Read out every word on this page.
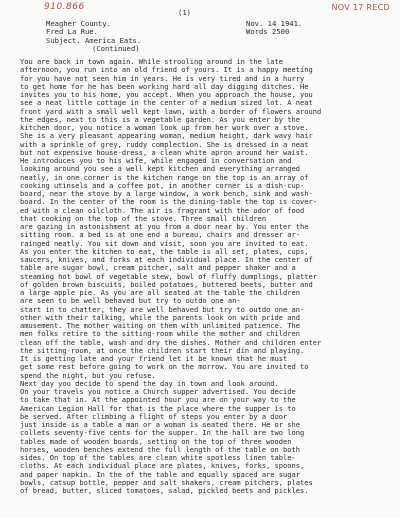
910.866	NOV 17 RECD
(1)
Meagher County.
Fred La Rue.
Subject. America Eats.
(Continued)
Nov. 14 1941.
Words 2500
You are back in town again. While strooling around in the late
afternoon, you run into an old friend of yours. It is a happy meeting
for you have not seen him in years. He is very tired and in a hurry
to get home for he has been working hard all day digging ditches. He
invites you to his home, you accept. When you approach the house, you
see a neat little cottage in the center of a medium sized lot. A neat
front yard with a small well kept lawn, with a border of flowers around
the edges, next to this is a vegetable garden. As you enter by the
kitchen door, you notice a woman look up from her work over a stove.
She is a very pleasant appearing woman, medium height, dark wavy hair
with a sprinkle of grey, ruddy complection. She is dressed in a neat
but not expensive house-dress, a clean white apron around her waist.
He introduces you to his wife, while engaged in conversation and
looking around you see a well kept kitchen and everything arranged
neatly, in one corner is the kitchen range on the top is an array of
cooking utinsels and a coffee pot, in another corner is a dish-cup-
board, near the stove by a large window, a work bench, sink and wash-
board. In the center of the room is the dining-table the top is cover-
ed with a clean oilcloth. The air is fragrant with the odor of food
that cooking on the top of the stove. Three small children
are gazing in astonishment at you from a door near by. You enter the
sitting room. a bed is at one end a bureau, chairs and dresser ar-
rainged neatly. You sit down and visit, soon you are invited to eat.
As you enter the kitchen to eat, the table is all set, plates, cups,
saucers, knives, and forks at each individual place. In the center of
table are sugar bowl, cream pitcher, salt and pepper shaker and a
steaming hot bowl of vegetable stew, bowl of fluffy dumplings, platter
of golden brown biscuits, boiled potatoes, buttered beets, butter and
a large apple pie. As you are all seated at the table the children
are seen to be well behaved but try to outdo one an-
start in to chatter, they are well behaved but try to outdo one an-
other with their talking, while the parents look on with pride and
amusement. The mother waiting on them with unlimited patience. The
men folks retire to the sitting-room while the mother and children
clean off the table, wash and dry the dishes. Mother and children enter
the sitting-room, at once the children start their din and playing.
It is getting late and your friend let it be known that he must
get some rest before going to work on the morrow. You are invited to
spend the night, but you refuse.
Next day you decide to spend the day in town and look around.
On your travels you notice a Church supper advertised. You decide
to take that in. At the appointed hour you are on your way to the
American Legion Hall for that is the place where the supper is to
be served. After climbing a flight of steps you enter by a door
just inside is a table a man or a woman is seated there. He or she
collets seventy-five cents for the supper. In the hall are two long
tables made of wooden boards, setting on the top of three wooden
horses, wooden benches extend the full length of the table on both
sides. On top of the tables are clean white spotless linen table-
cloths. At each individual place are plates, knives, forks, spoons,
and paper napkin. In the of the table and equally spaced are sugar
bowls, catsup bottle, pepper and salt shakers, cream pitchers, plates
of bread, butter, sliced tomatoes, salad, pickled beets and pickles.
